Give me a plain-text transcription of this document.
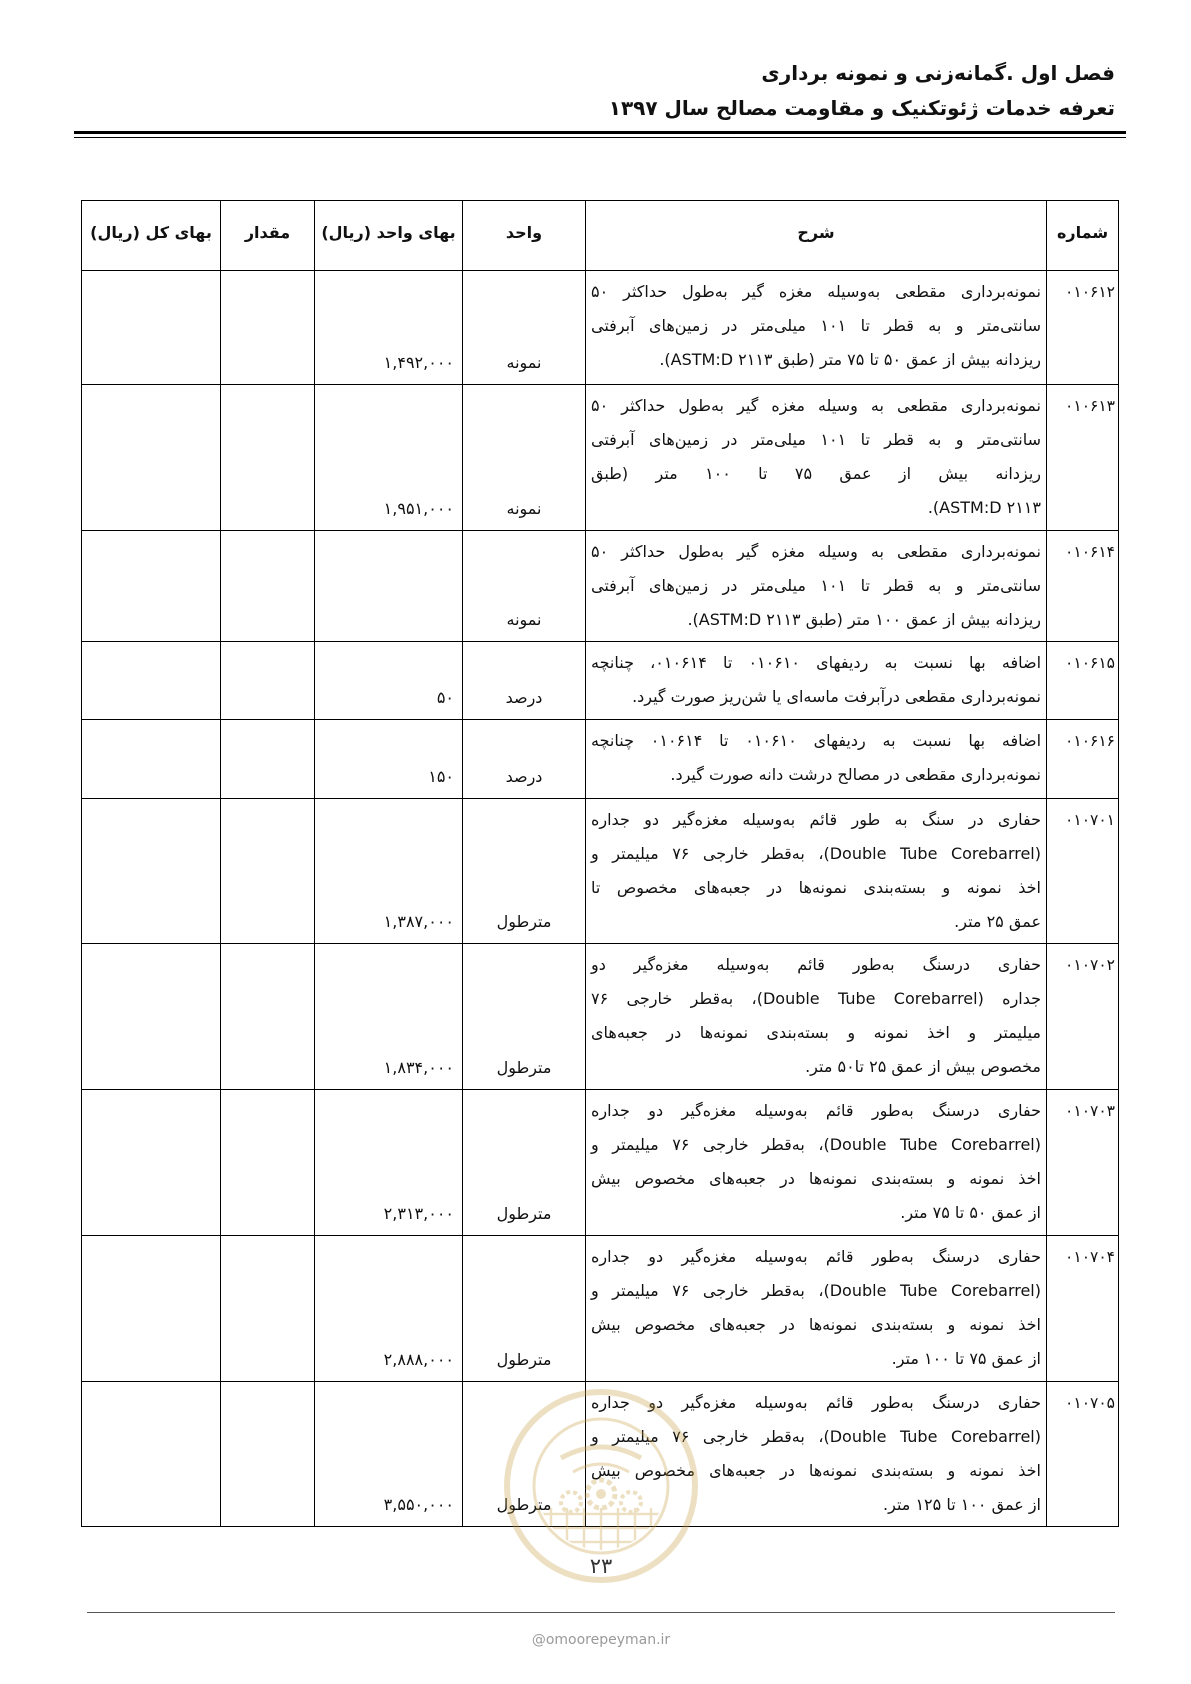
فصل اول .گمانه‌زنی و نمونه برداری
تعرفه خدمات ژئوتکنیک و مقاومت مصالح سال ۱۳۹۷
شماره	شرح	واحد	بهای واحد (ریال)	مقدار	بهای کل (ریال)
۰۱۰۶۱۲	نمونه‌برداری مقطعی به‌وسیله مغزه گیر به‌طول حداکثر ۵۰
سانتی‌متر و به قطر تا ۱۰۱ میلی‌متر در زمین‌های آبرفتی
ریزدانه بیش از عمق ۵۰ تا ۷۵ متر (طبق ASTM:D ۲۱۱۳).	نمونه	۱,۴۹۲,۰۰۰		
۰۱۰۶۱۳	نمونه‌برداری مقطعی به وسیله مغزه گیر به‌طول حداکثر ۵۰
سانتی‌متر و به قطر تا ۱۰۱ میلی‌متر در زمین‌های آبرفتی
ریزدانه بیش از عمق ۷۵ تا ۱۰۰ متر (طبق
ASTM:D ۲۱۱۳).	نمونه	۱,۹۵۱,۰۰۰		
۰۱۰۶۱۴	نمونه‌برداری مقطعی به وسیله مغزه گیر به‌طول حداکثر ۵۰
سانتی‌متر و به قطر تا ۱۰۱ میلی‌متر در زمین‌های آبرفتی
ریزدانه بیش از عمق ۱۰۰ متر (طبق ASTM:D ۲۱۱۳).	نمونه			
۰۱۰۶۱۵	اضافه بها نسبت به ردیفهای ۰۱۰۶۱۰ تا ۰۱۰۶۱۴، چنانچه
نمونه‌برداری مقطعی درآبرفت ماسه‌ای یا شن‌ریز صورت گیرد.	درصد	۵۰		
۰۱۰۶۱۶	اضافه بها نسبت به ردیفهای ۰۱۰۶۱۰ تا ۰۱۰۶۱۴ چنانچه
نمونه‌برداری مقطعی در مصالح درشت دانه صورت گیرد.	درصد	۱۵۰		
۰۱۰۷۰۱	حفاری در سنگ به طور قائم به‌وسیله مغزه‌گیر دو جداره
(Double Tube Corebarrel)، به‌قطر خارجی ۷۶ میلیمتر و
اخذ نمونه و بسته‌بندی نمونه‌ها در جعبه‌های مخصوص تا
عمق ۲۵ متر.	مترطول	۱,۳۸۷,۰۰۰		
۰۱۰۷۰۲	حفاری درسنگ به‌طور قائم به‌وسیله مغزه‌گیر دو
جداره (Double Tube Corebarrel)، به‌قطر خارجی ۷۶
میلیمتر و اخذ نمونه و بسته‌بندی نمونه‌ها در جعبه‌های
مخصوص بیش از عمق ۲۵ تا۵۰ متر.	مترطول	۱,۸۳۴,۰۰۰		
۰۱۰۷۰۳	حفاری درسنگ به‌طور قائم به‌وسیله مغزه‌گیر دو جداره
(Double Tube Corebarrel)، به‌قطر خارجی ۷۶ میلیمتر و
اخذ نمونه و بسته‌بندی نمونه‌ها در جعبه‌های مخصوص بیش
از عمق ۵۰ تا ۷۵ متر.	مترطول	۲,۳۱۳,۰۰۰		
۰۱۰۷۰۴	حفاری درسنگ به‌طور قائم به‌وسیله مغزه‌گیر دو جداره
(Double Tube Corebarrel)، به‌قطر خارجی ۷۶ میلیمتر و
اخذ نمونه و بسته‌بندی نمونه‌ها در جعبه‌های مخصوص بیش
از عمق ۷۵ تا ۱۰۰ متر.	مترطول	۲,۸۸۸,۰۰۰		
۰۱۰۷۰۵	حفاری درسنگ به‌طور قائم به‌وسیله مغزه‌گیر دو جداره
(Double Tube Corebarrel)، به‌قطر خارجی ۷۶ میلیمتر و
اخذ نمونه و بسته‌بندی نمونه‌ها در جعبه‌های مخصوص بیش
از عمق ۱۰۰ تا ۱۲۵ متر.	مترطول	۳,۵۵۰,۰۰۰		
۲۳
@omoorepeyman.ir
